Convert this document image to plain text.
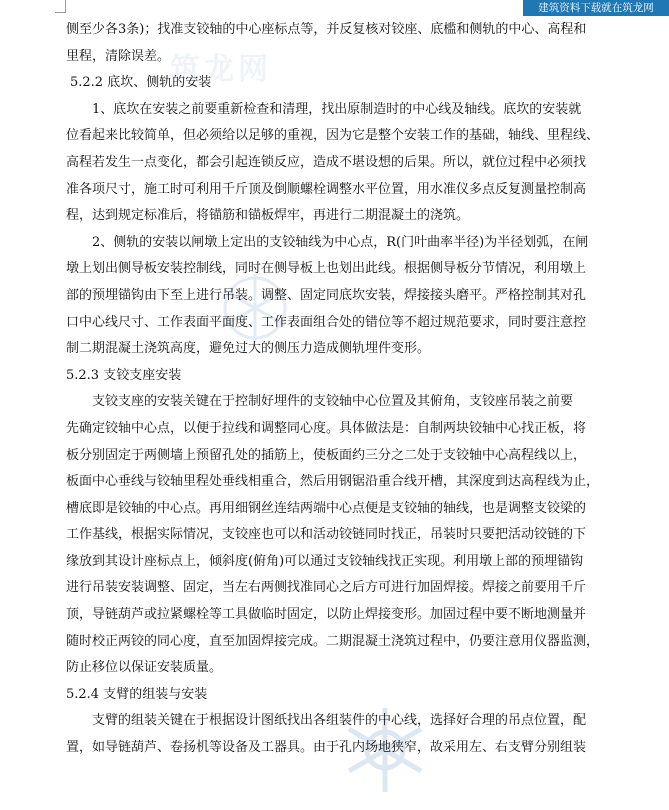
建筑资料下载就在筑龙网
筑龙网

侧至少各3条)；找准支铰轴的中心座标点等，并反复核对铰座、底槛和侧轨的中心、高程和
里程，清除误差。

5.2.2 底坎、侧轨的安装

1、底坎在安装之前要重新检查和清理，找出原制造时的中心线及轴线。底坎的安装就
位看起来比较简单，但必须给以足够的重视，因为它是整个安装工作的基础，轴线、里程线、
高程若发生一点变化，都会引起连锁反应，造成不堪设想的后果。所以，就位过程中必须找
准各项尺寸，施工时可利用千斤顶及倒顺螺栓调整水平位置，用水准仪多点反复测量控制高
程，达到规定标准后，将锚筋和锚板焊牢，再进行二期混凝土的浇筑。

2、侧轨的安装以闸墩上定出的支铰轴线为中心点，R(门叶曲率半径)为半径划弧，在闸
墩上划出侧导板安装控制线，同时在侧导板上也划出此线。根据侧导板分节情况，利用墩上
部的预埋锚钩由下至上进行吊装。调整、固定同底坎安装，焊接接头磨平。严格控制其对孔
口中心线尺寸、工作表面平面度、工作表面组合处的错位等不超过规范要求，同时要注意控
制二期混凝土浇筑高度，避免过大的侧压力造成侧轨埋件变形。

5.2.3 支铰支座安装

支铰支座的安装关键在于控制好埋件的支铰轴中心位置及其俯角，支铰座吊装之前要
先确定铰轴中心点，以便于拉线和调整同心度。具体做法是：自制两块铰轴中心找正板，将
板分别固定于两侧墙上预留孔处的插筋上，使板面约三分之二处于支铰轴中心高程线以上，
板面中心垂线与铰轴里程处垂线相重合，然后用钢锯沿重合线开槽，其深度到达高程线为止，
槽底即是铰轴的中心点。再用细钢丝连结两端中心点便是支铰轴的轴线，也是调整支铰梁的
工作基线，根据实际情况，支铰座也可以和活动铰链同时找正，吊装时只要把活动铰链的下
缘放到其设计座标点上，倾斜度(俯角)可以通过支铰轴线找正实现。利用墩上部的预埋锚钩
进行吊装安装调整、固定，当左右两侧找准同心之后方可进行加固焊接。焊接之前要用千斤
顶，导链葫芦或拉紧螺栓等工具做临时固定，以防止焊接变形。加固过程中要不断地测量并
随时校正两铰的同心度，直至加固焊接完成。二期混凝土浇筑过程中，仍要注意用仪器监测，
防止移位以保证安装质量。

5.2.4 支臂的组装与安装

支臂的组装关键在于根据设计图纸找出各组装件的中心线，选择好合理的吊点位置，配
置，如导链葫芦、卷扬机等设备及工器具。由于孔内场地狭窄，故采用左、右支臂分别组装
